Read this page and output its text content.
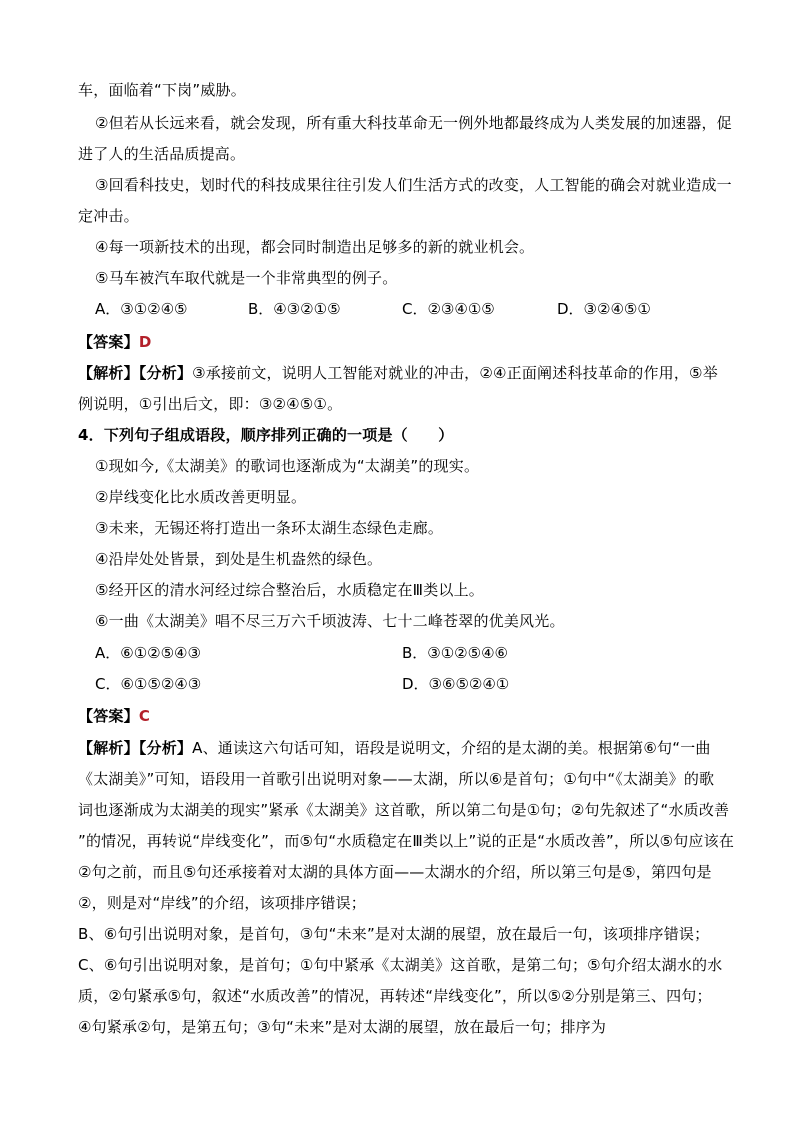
车，面临着“下岗”威胁。
②但若从长远来看，就会发现，所有重大科技革命无一例外地都最终成为人类发展的加速器，促
进了人的生活品质提高。
③回看科技史，划时代的科技成果往往引发人们生活方式的改变，人工智能的确会对就业造成一
定冲击。
④每一项新技术的出现，都会同时制造出足够多的新的就业机会。
⑤马车被汽车取代就是一个非常典型的例子。
A．③①②④⑤	B．④③②①⑤	C．②③④①⑤	D．③②④⑤①
【答案】D
【解析】【分析】③承接前文，说明人工智能对就业的冲击，②④正面阐述科技革命的作用，⑤举
例说明，①引出后文，即：③②④⑤①。
4．下列句子组成语段，顺序排列正确的一项是（　　）
①现如今,《太湖美》的歌词也逐渐成为“太湖美”的现实。
②岸线变化比水质改善更明显。
③未来，无锡还将打造出一条环太湖生态绿色走廊。
④沿岸处处皆景，到处是生机盎然的绿色。
⑤经开区的清水河经过综合整治后，水质稳定在Ⅲ类以上。
⑥一曲《太湖美》唱不尽三万六千顷波涛、七十二峰苍翠的优美风光。
A．⑥①②⑤④③	B．③①②⑤④⑥
C．⑥①⑤②④③	D．③⑥⑤②④①
【答案】C
【解析】【分析】A、通读这六句话可知，语段是说明文，介绍的是太湖的美。根据第⑥句“一曲
《太湖美》”可知，语段用一首歌引出说明对象——太湖，所以⑥是首句；①句中“《太湖美》的歌
词也逐渐成为太湖美的现实”紧承《太湖美》这首歌，所以第二句是①句；②句先叙述了“水质改善
”的情况，再转说“岸线变化”，而⑤句“水质稳定在Ⅲ类以上”说的正是“水质改善”，所以⑤句应该在
②句之前，而且⑤句还承接着对太湖的具体方面——太湖水的介绍，所以第三句是⑤，第四句是
②，则是对“岸线”的介绍，该项排序错误；
B、⑥句引出说明对象，是首句，③句“未来”是对太湖的展望，放在最后一句，该项排序错误；
C、⑥句引出说明对象，是首句；①句中紧承《太湖美》这首歌，是第二句；⑤句介绍太湖水的水
质，②句紧承⑤句，叙述“水质改善”的情况，再转述“岸线变化”，所以⑤②分别是第三、四句；
④句紧承②句，是第五句；③句“未来”是对太湖的展望，放在最后一句；排序为
